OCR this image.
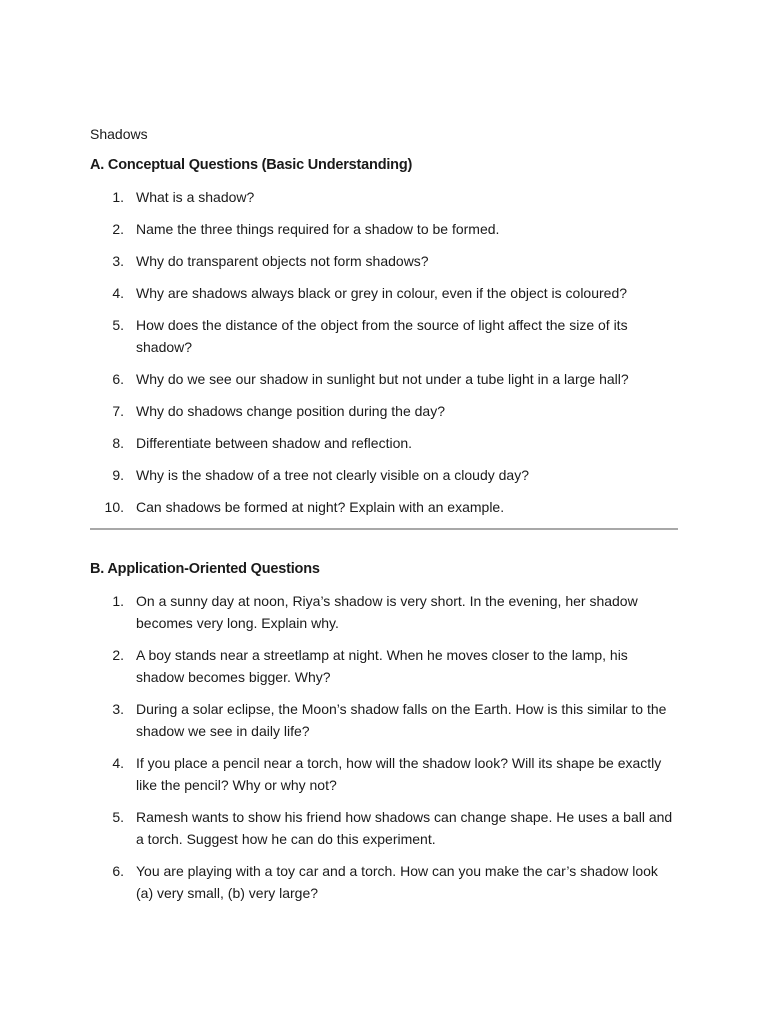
Shadows
A. Conceptual Questions (Basic Understanding)
1. What is a shadow?
2. Name the three things required for a shadow to be formed.
3. Why do transparent objects not form shadows?
4. Why are shadows always black or grey in colour, even if the object is coloured?
5. How does the distance of the object from the source of light affect the size of its shadow?
6. Why do we see our shadow in sunlight but not under a tube light in a large hall?
7. Why do shadows change position during the day?
8. Differentiate between shadow and reflection.
9. Why is the shadow of a tree not clearly visible on a cloudy day?
10. Can shadows be formed at night? Explain with an example.
B. Application-Oriented Questions
1. On a sunny day at noon, Riya’s shadow is very short. In the evening, her shadow becomes very long. Explain why.
2. A boy stands near a streetlamp at night. When he moves closer to the lamp, his shadow becomes bigger. Why?
3. During a solar eclipse, the Moon’s shadow falls on the Earth. How is this similar to the shadow we see in daily life?
4. If you place a pencil near a torch, how will the shadow look? Will its shape be exactly like the pencil? Why or why not?
5. Ramesh wants to show his friend how shadows can change shape. He uses a ball and a torch. Suggest how he can do this experiment.
6. You are playing with a toy car and a torch. How can you make the car’s shadow look (a) very small, (b) very large?
